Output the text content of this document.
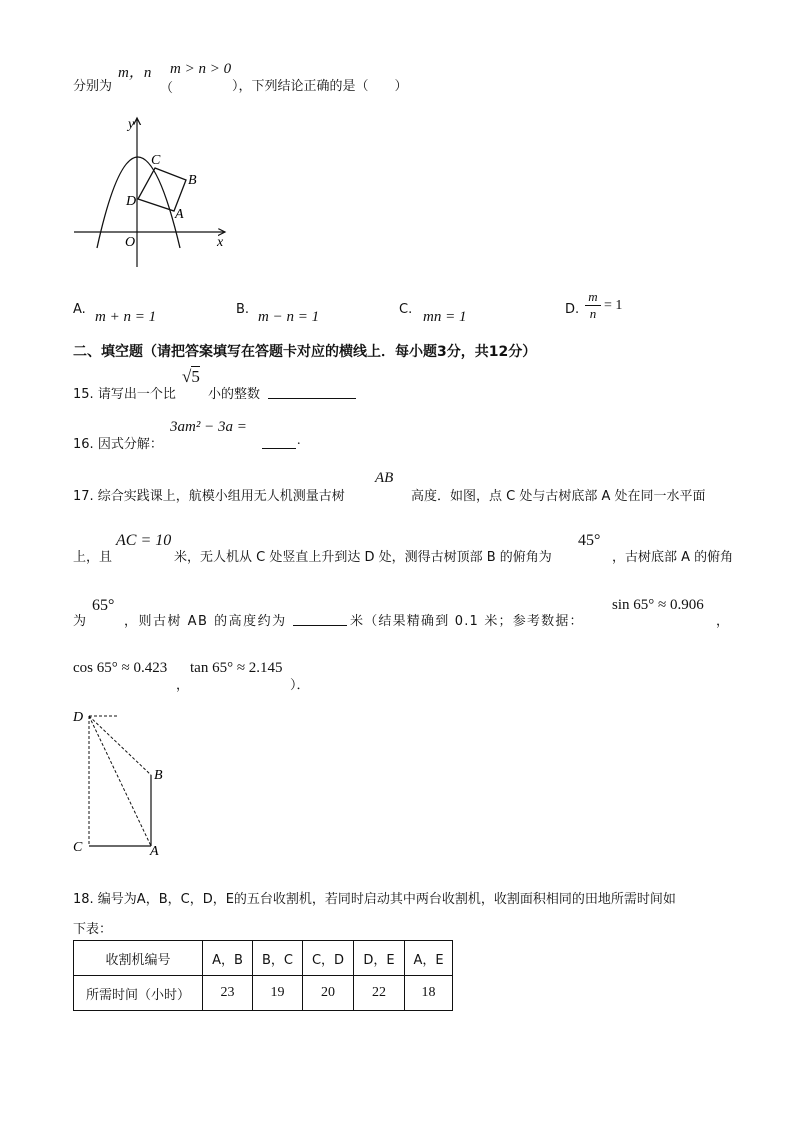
分别为
m，n
（
m > n > 0
），下列结论正确的是（　　）
y
x
O
C
B
A
D
A. m + n = 1	B. m − n = 1	C. mn = 1	D.
m
n
= 1
二、填空题（请把答案填写在答题卡对应的横线上．每小题3分，共12分）
15. 请写出一个比
√5
小的整数
16. 因式分解：
3am² − 3a =
.
17. 综合实践课上，航模小组用无人机测量古树
AB
高度．如图，点 C 处与古树底部 A 处在同一水平面
上，且
AC = 10
米，无人机从 C 处竖直上升到达 D 处，测得古树顶部 B 的俯角为
45°
，古树底部 A 的俯角
为
65°
，则古树 AB 的高度约为	米（结果精确到 0.1 米；参考数据：
sin 65° ≈ 0.906
，
cos 65° ≈ 0.423
，
tan 65° ≈ 2.145
）．
D
B
C	A
18. 编号为A，B，C，D，E的五台收割机，若同时启动其中两台收割机，收割面积相同的田地所需时间如
下表：
收割机编号	A，B	B，C	C，D	D，E	A，E
所需时间（小时）	23	19	20	22	18
